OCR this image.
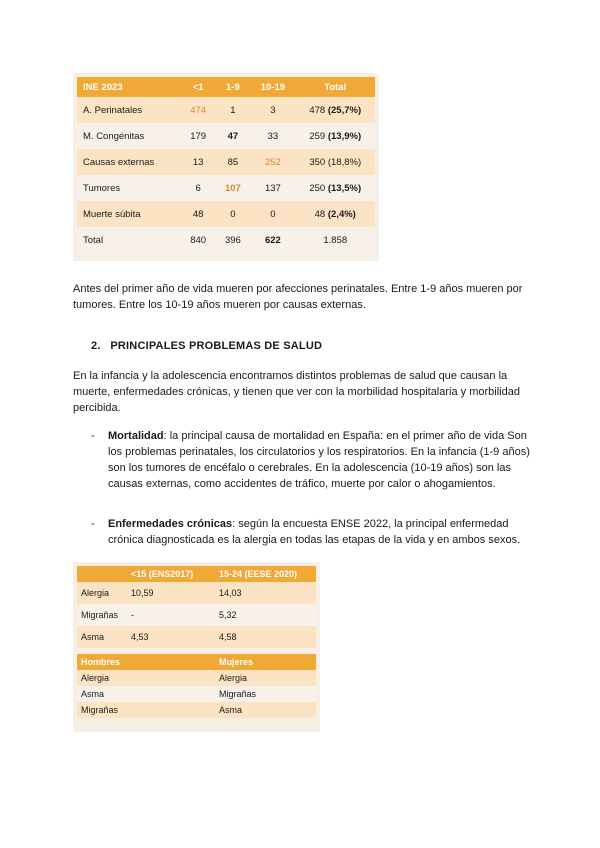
INE 2023	<1	1-9	10-19	Total
A. Perinatales	474	1	3	478 (25,7%)
M. Congénitas	179	47	33	259 (13,9%)
Causas externas	13	85	252	350 (18,8%)
Tumores	6	107	137	250 (13,5%)
Muerte súbita	48	0	0	48 (2,4%)
Total	840	396	622	1.858

Antes del primer año de vida mueren por afecciones perinatales. Entre 1-9 años mueren por tumores. Entre los 10-19 años mueren por causas externas.

2. PRINCIPALES PROBLEMAS DE SALUD

En la infancia y la adolescencia encontramos distintos problemas de salud que causan la muerte, enfermedades crónicas, y tienen que ver con la morbilidad hospitalaria y morbilidad percibida.

- Mortalidad: la principal causa de mortalidad en España: en el primer año de vida Son los problemas perinatales, los circulatorios y los respiratorios. En la infancia (1-9 años) son los tumores de encéfalo o cerebrales. En la adolescencia (10-19 años) son las causas externas, como accidentes de tráfico, muerte por calor o ahogamientos.
- Enfermedades crónicas: según la encuesta ENSE 2022, la principal enfermedad crónica diagnosticada es la alergia en todas las etapas de la vida y en ambos sexos.
	<15 (ENS2017)	15-24 (EESE 2020)
Alergia	10,59	14,03
Migrañas	-	5,32
Asma	4,53	4,58

Hombres		Mujeres
Alergia		Alergia
Asma		Migrañas
Migrañas		Asma
